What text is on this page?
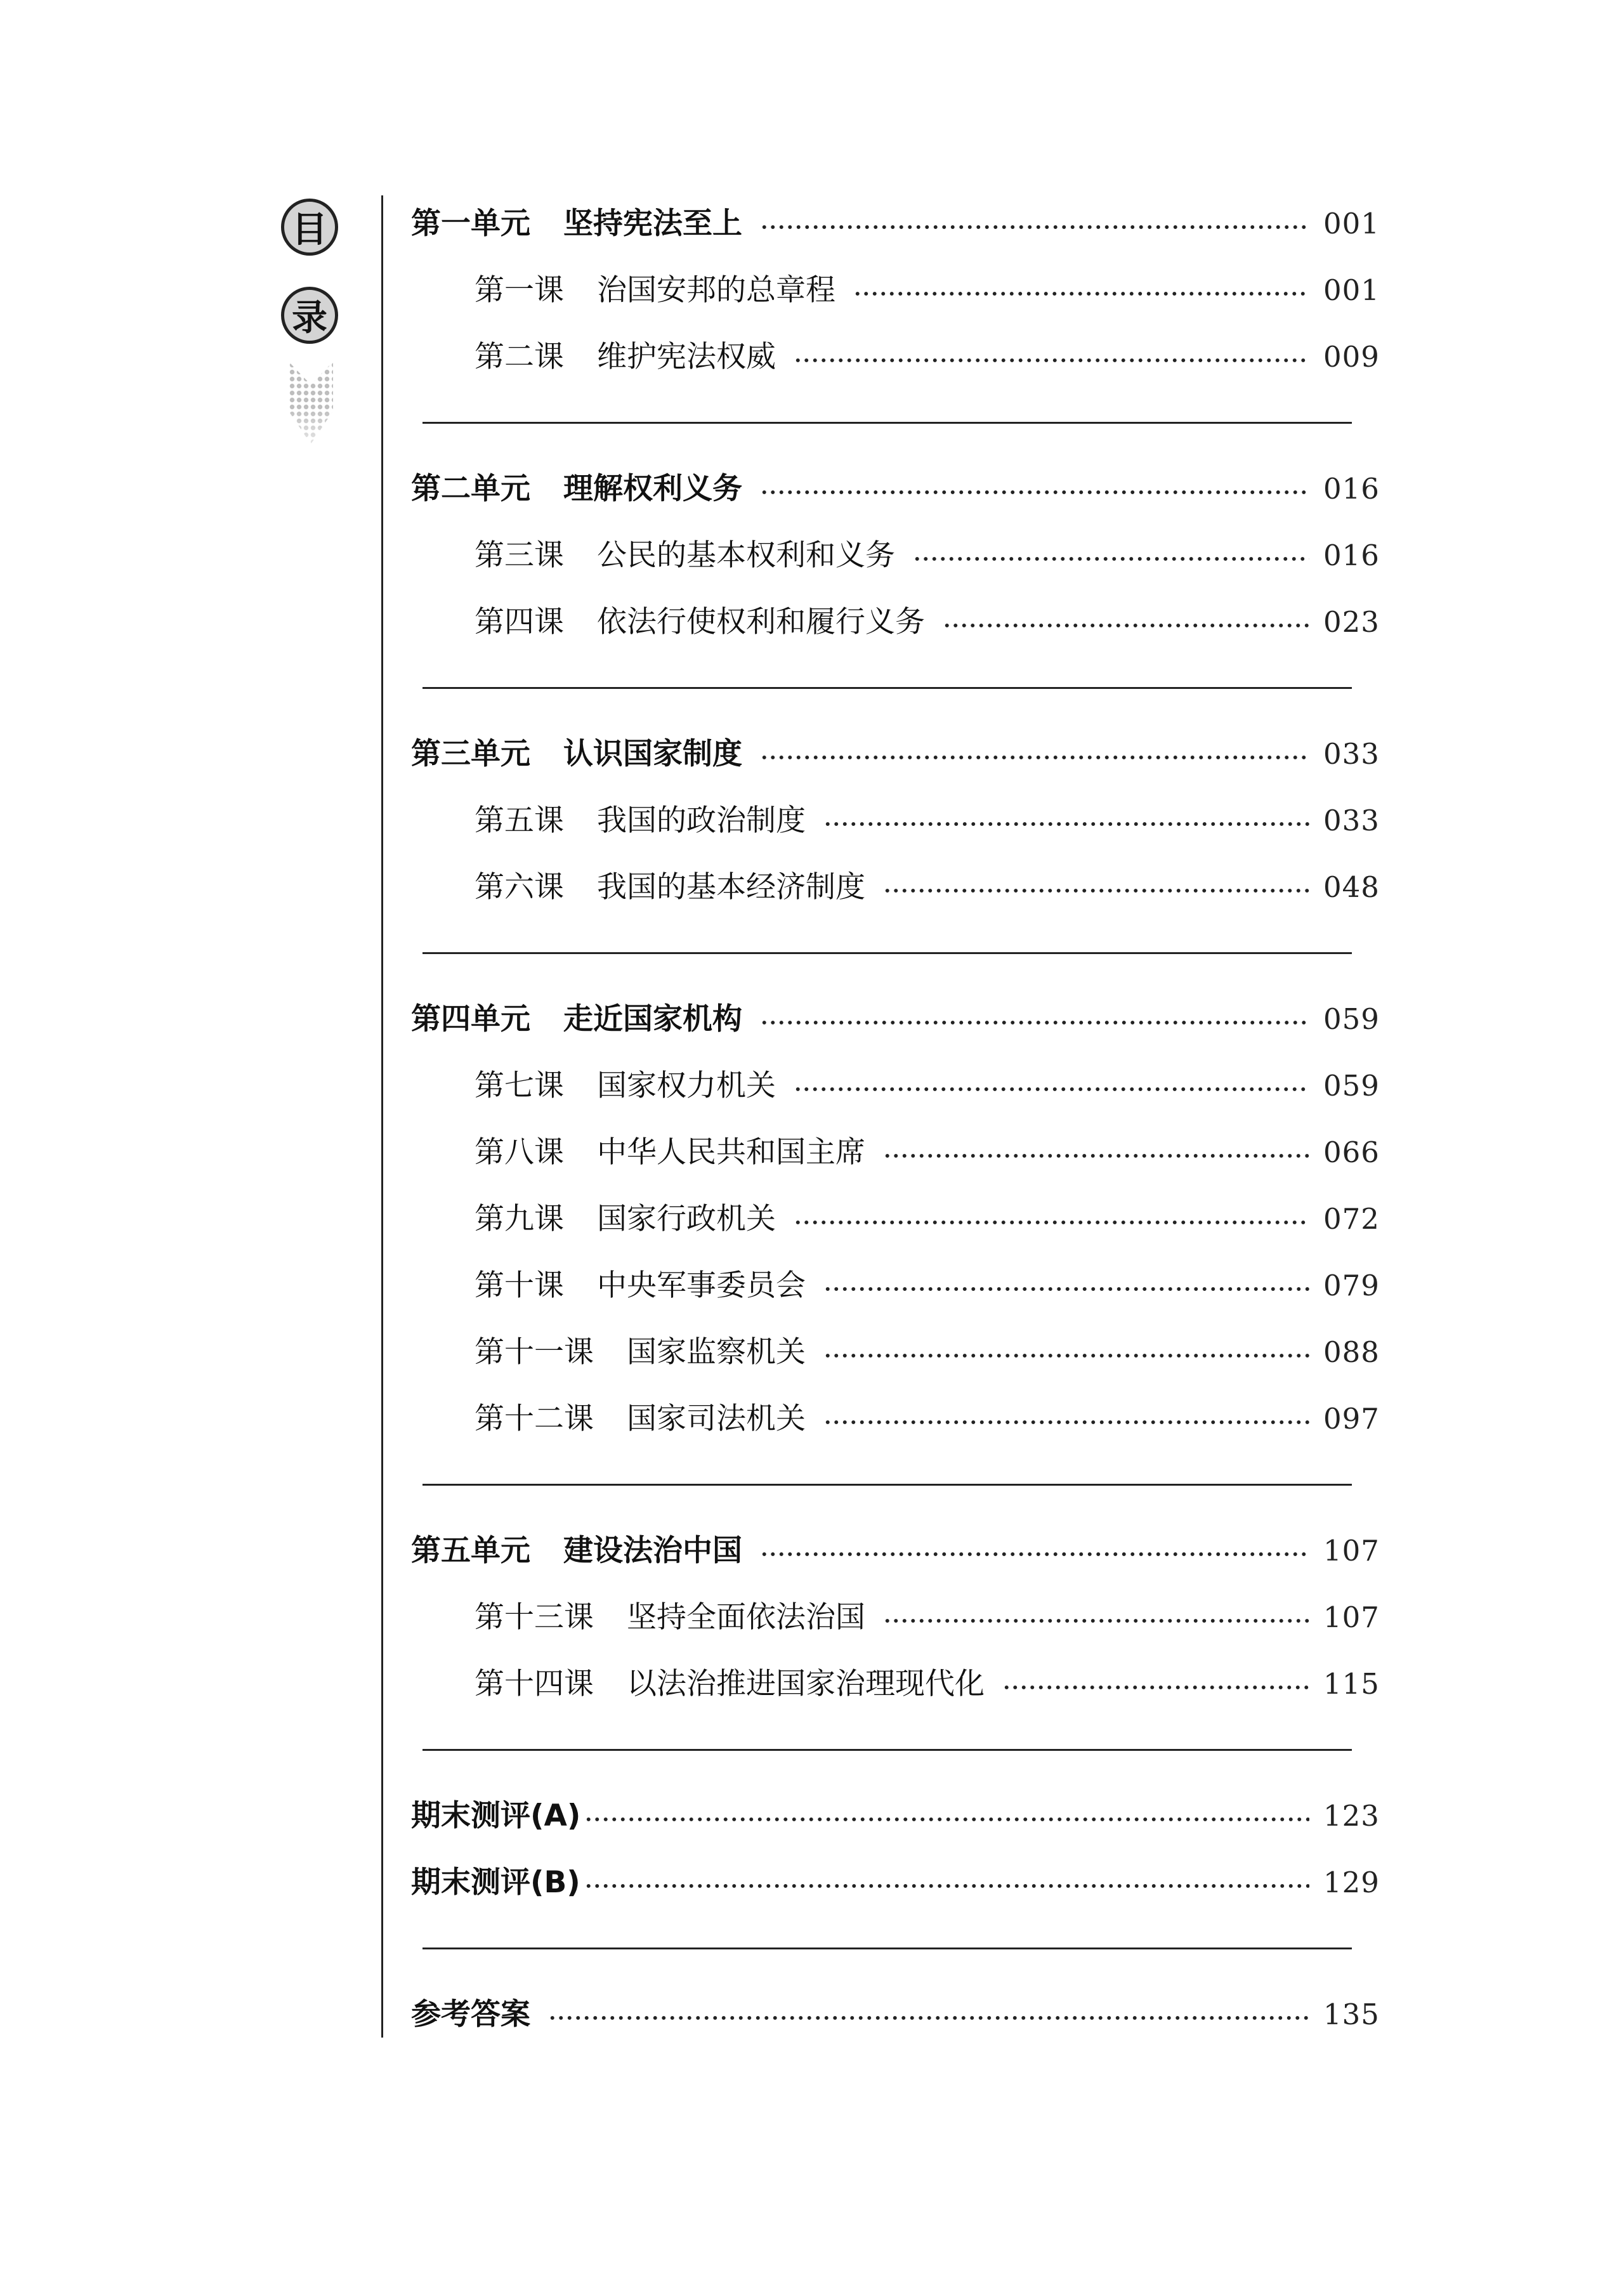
目
录
第一单元 坚持宪法至上	001
第一课 治国安邦的总章程	001
第二课 维护宪法权威	009
第二单元 理解权利义务	016
第三课 公民的基本权利和义务	016
第四课 依法行使权利和履行义务	023
第三单元 认识国家制度	033
第五课 我国的政治制度	033
第六课 我国的基本经济制度	048
第四单元 走近国家机构	059
第七课 国家权力机关	059
第八课 中华人民共和国主席	066
第九课 国家行政机关	072
第十课 中央军事委员会	079
第十一课 国家监察机关	088
第十二课 国家司法机关	097
第五单元 建设法治中国	107
第十三课 坚持全面依法治国	107
第十四课 以法治推进国家治理现代化	115
期末测评(A)	123
期末测评(B)	129
参考答案	135
